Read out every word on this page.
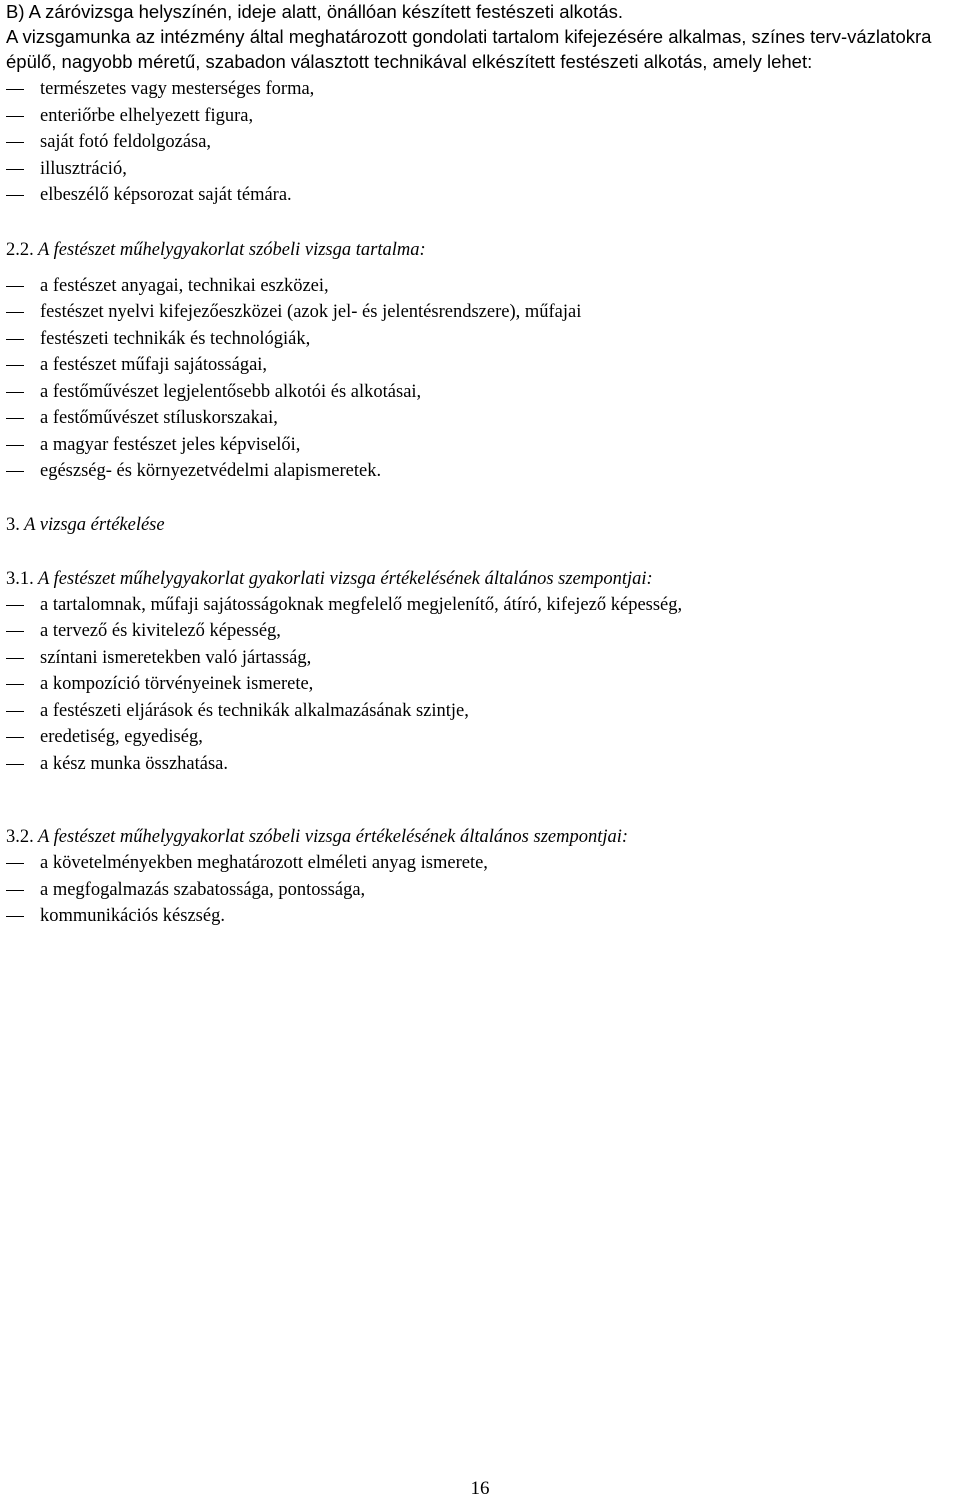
B) A záróvizsga helyszínén, ideje alatt, önállóan készített festészeti alkotás.

A vizsgamunka az intézmény által meghatározott gondolati tartalom kifejezésére alkalmas, színes terv-vázlatokra épülő, nagyobb méretű, szabadon választott technikával elkészített festészeti alkotás, amely lehet:

természetes vagy mesterséges forma,
enteriőrbe elhelyezett figura,
saját fotó feldolgozása,
illusztráció,
elbeszélő képsorozat saját témára.

2.2. A festészet műhelygyakorlat szóbeli vizsga tartalma:

a festészet anyagai, technikai eszközei,
festészet nyelvi kifejezőeszközei (azok jel- és jelentésrendszere), műfajai
festészeti technikák és technológiák,
a festészet műfaji sajátosságai,
a festőművészet legjelentősebb alkotói és alkotásai,
a festőművészet stíluskorszakai,
a magyar festészet jeles képviselői,
egészség- és környezetvédelmi alapismeretek.

3. A vizsga értékelése

3.1. A festészet műhelygyakorlat gyakorlati vizsga értékelésének általános szempontjai:

a tartalomnak, műfaji sajátosságoknak megfelelő megjelenítő, átíró, kifejező képesség,
a tervező és kivitelező képesség,
színtani ismeretekben való jártasság,
a kompozíció törvényeinek ismerete,
a festészeti eljárások és technikák alkalmazásának szintje,
eredetiség, egyediség,
a kész munka összhatása.

3.2. A festészet műhelygyakorlat szóbeli vizsga értékelésének általános szempontjai:

a követelményekben meghatározott elméleti anyag ismerete,
a megfogalmazás szabatossága, pontossága,
kommunikációs készség.
16
